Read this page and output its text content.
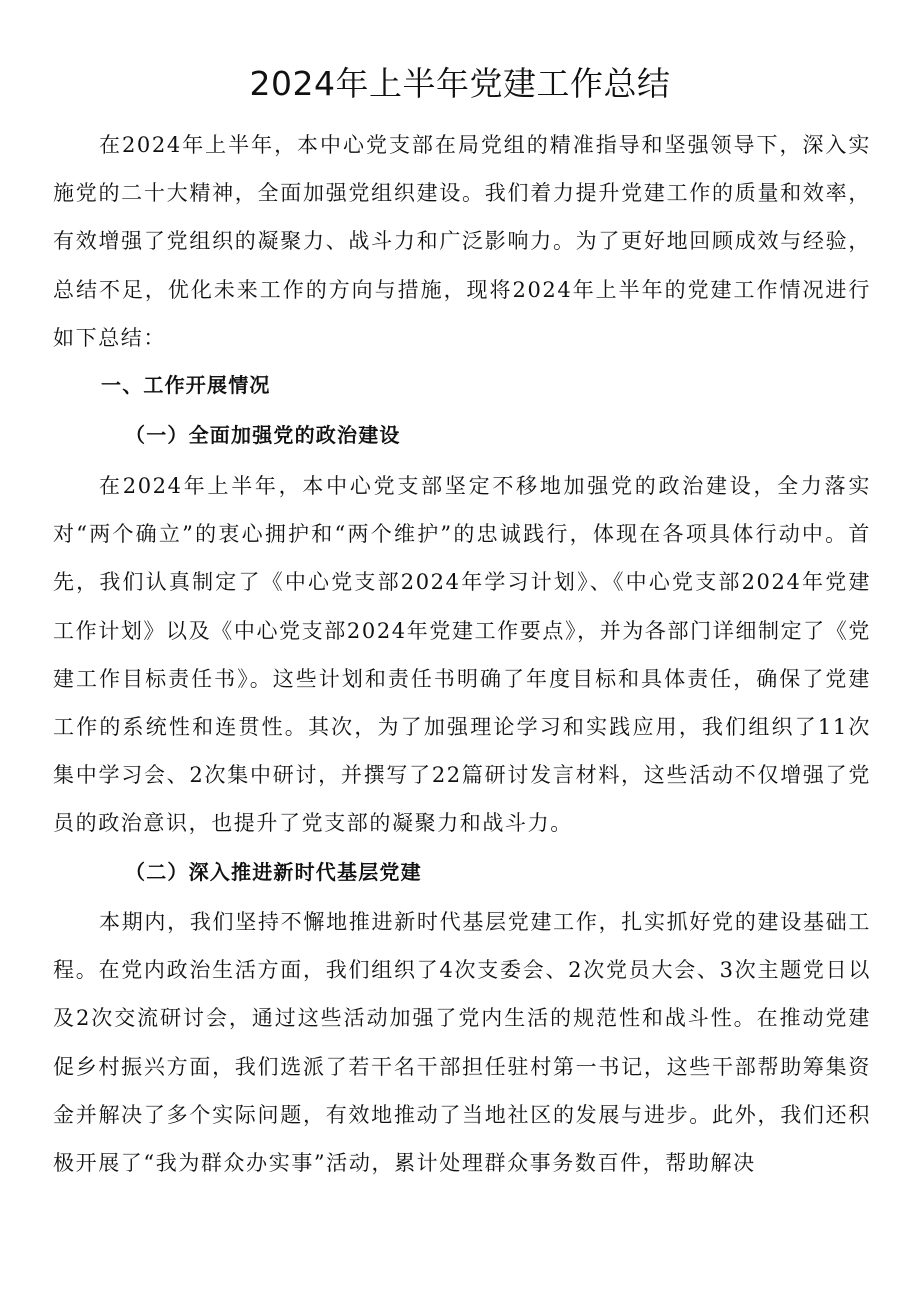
2024年上半年党建工作总结

在2024年上半年，本中心党支部在局党组的精准指导和坚强领导下，深入实施党的二十大精神，全面加强党组织建设。我们着力提升党建工作的质量和效率，有效增强了党组织的凝聚力、战斗力和广泛影响力。为了更好地回顾成效与经验，总结不足，优化未来工作的方向与措施，现将2024年上半年的党建工作情况进行如下总结：

一、工作开展情况
（一）全面加强党的政治建设

在2024年上半年，本中心党支部坚定不移地加强党的政治建设，全力落实对“两个确立”的衷心拥护和“两个维护”的忠诚践行，体现在各项具体行动中。首先，我们认真制定了《中心党支部2024年学习计划》、《中心党支部2024年党建工作计划》以及《中心党支部2024年党建工作要点》，并为各部门详细制定了《党建工作目标责任书》。这些计划和责任书明确了年度目标和具体责任，确保了党建工作的系统性和连贯性。其次，为了加强理论学习和实践应用，我们组织了11次集中学习会、2次集中研讨，并撰写了22篇研讨发言材料，这些活动不仅增强了党员的政治意识，也提升了党支部的凝聚力和战斗力。

（二）深入推进新时代基层党建

本期内，我们坚持不懈地推进新时代基层党建工作，扎实抓好党的建设基础工程。在党内政治生活方面，我们组织了4次支委会、2次党员大会、3次主题党日以及2次交流研讨会，通过这些活动加强了党内生活的规范性和战斗性。在推动党建促乡村振兴方面，我们选派了若干名干部担任驻村第一书记，这些干部帮助筹集资金并解决了多个实际问题，有效地推动了当地社区的发展与进步。此外，我们还积极开展了“我为群众办实事”活动，累计处理群众事务数百件，帮助解决
